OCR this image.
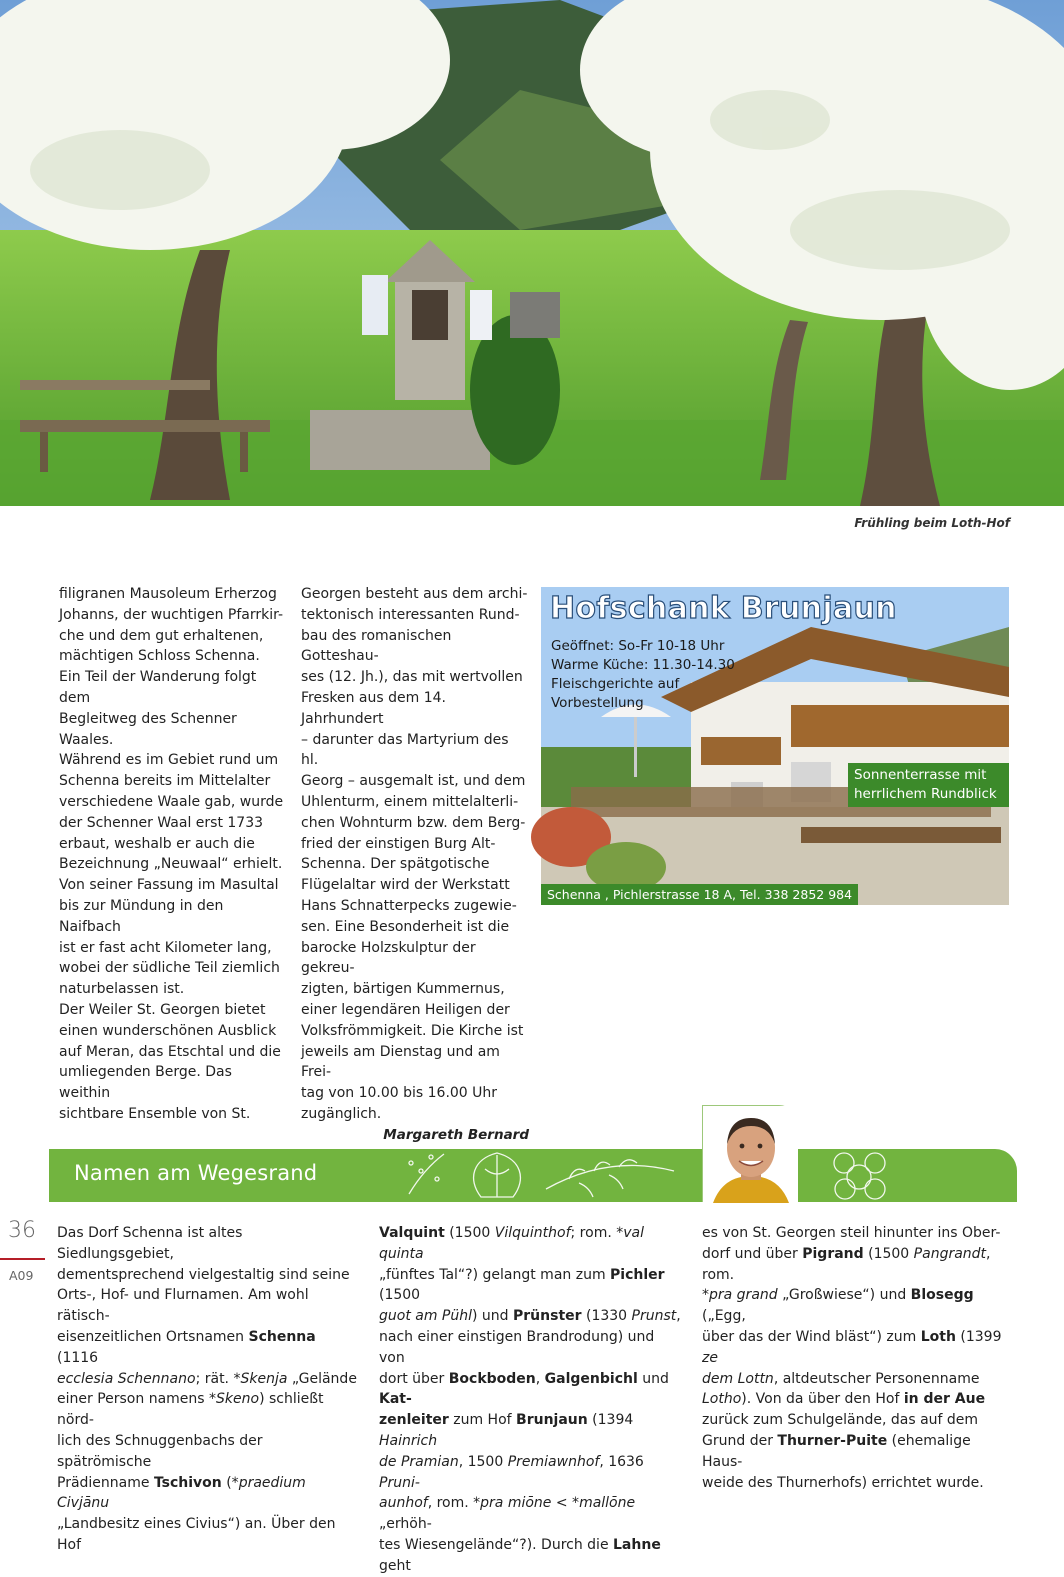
Frühling beim Loth-Hof

filigranen Mausoleum Erherzog

Johanns, der wuchtigen Pfarrkir-

che und dem gut erhaltenen,

mächtigen Schloss Schenna.

Ein Teil der Wanderung folgt dem

Begleitweg des Schenner Waales.

Während es im Gebiet rund um

Schenna bereits im Mittelalter

verschiedene Waale gab, wurde

der Schenner Waal erst 1733

erbaut, weshalb er auch die

Bezeichnung „Neuwaal“ erhielt.

Von seiner Fassung im Masultal

bis zur Mündung in den Naifbach

ist er fast acht Kilometer lang,

wobei der südliche Teil ziemlich

naturbelassen ist.

Der Weiler St. Georgen bietet

einen wunderschönen Ausblick

auf Meran, das Etschtal und die

umliegenden Berge. Das weithin

sichtbare Ensemble von St.

Georgen besteht aus dem archi-

tektonisch interessanten Rund-

bau des romanischen Gotteshau-

ses (12. Jh.), das mit wertvollen

Fresken aus dem 14. Jahrhundert

– darunter das Martyrium des hl.

Georg – ausgemalt ist, und dem

Uhlenturm, einem mittelalterli-

chen Wohnturm bzw. dem Berg-

fried der einstigen Burg Alt-

Schenna. Der spätgotische

Flügelaltar wird der Werkstatt

Hans Schnatterpecks zugewie-

sen. Eine Besonderheit ist die

barocke Holzskulptur der gekreu-

zigten, bärtigen Kummernus,

einer legendären Heiligen der

Volksfrömmigkeit. Die Kirche ist

jeweils am Dienstag und am Frei-

tag von 10.00 bis 16.00 Uhr

zugänglich.

Margareth Bernard

Hofschank Brunjaun
Geöffnet: So-Fr 10-18 Uhr
Warme Küche: 11.30-14.30
Fleischgerichte auf
Vorbestellung
Sonnenterrasse mit
herrlichem Rundblick
Schenna , Pichlerstrasse 18 A, Tel. 338 2852 984
Namen am Wegesrand
36
A09

Das Dorf Schenna ist altes Siedlungsgebiet,

dementsprechend vielgestaltig sind seine

Orts-, Hof- und Flurnamen. Am wohl rätisch-

eisenzeitlichen Ortsnamen Schenna (1116

ecclesia Schennano; rät. *Skenja „Gelände

einer Person namens *Skeno) schließt nörd-

lich des Schnuggenbachs der spätrömische

Prädienname Tschivon (*praedium Civjānu

„Landbesitz eines Civius“) an. Über den Hof

Valquint (1500 Vilquinthof; rom. *val quinta

„fünftes Tal“?) gelangt man zum Pichler (1500

guot am Pühl) und Prünster (1330 Prunst,

nach einer einstigen Brandrodung) und von

dort über Bockboden, Galgenbichl und Kat-

zenleiter zum Hof Brunjaun (1394 Hainrich

de Pramian, 1500 Premiawnhof, 1636 Pruni-

aunhof, rom. *pra miōne < *mallōne „erhöh-

tes Wiesengelände“?). Durch die Lahne geht

es von St. Georgen steil hinunter ins Ober-

dorf und über Pigrand (1500 Pangrandt, rom.

*pra grand „Großwiese“) und Blosegg („Egg,

über das der Wind bläst“) zum Loth (1399 ze

dem Lottn, altdeutscher Personenname

Lotho). Von da über den Hof in der Aue

zurück zum Schulgelände, das auf dem

Grund der Thurner-Puite (ehemalige Haus-

weide des Thurnerhofs) errichtet wurde.
